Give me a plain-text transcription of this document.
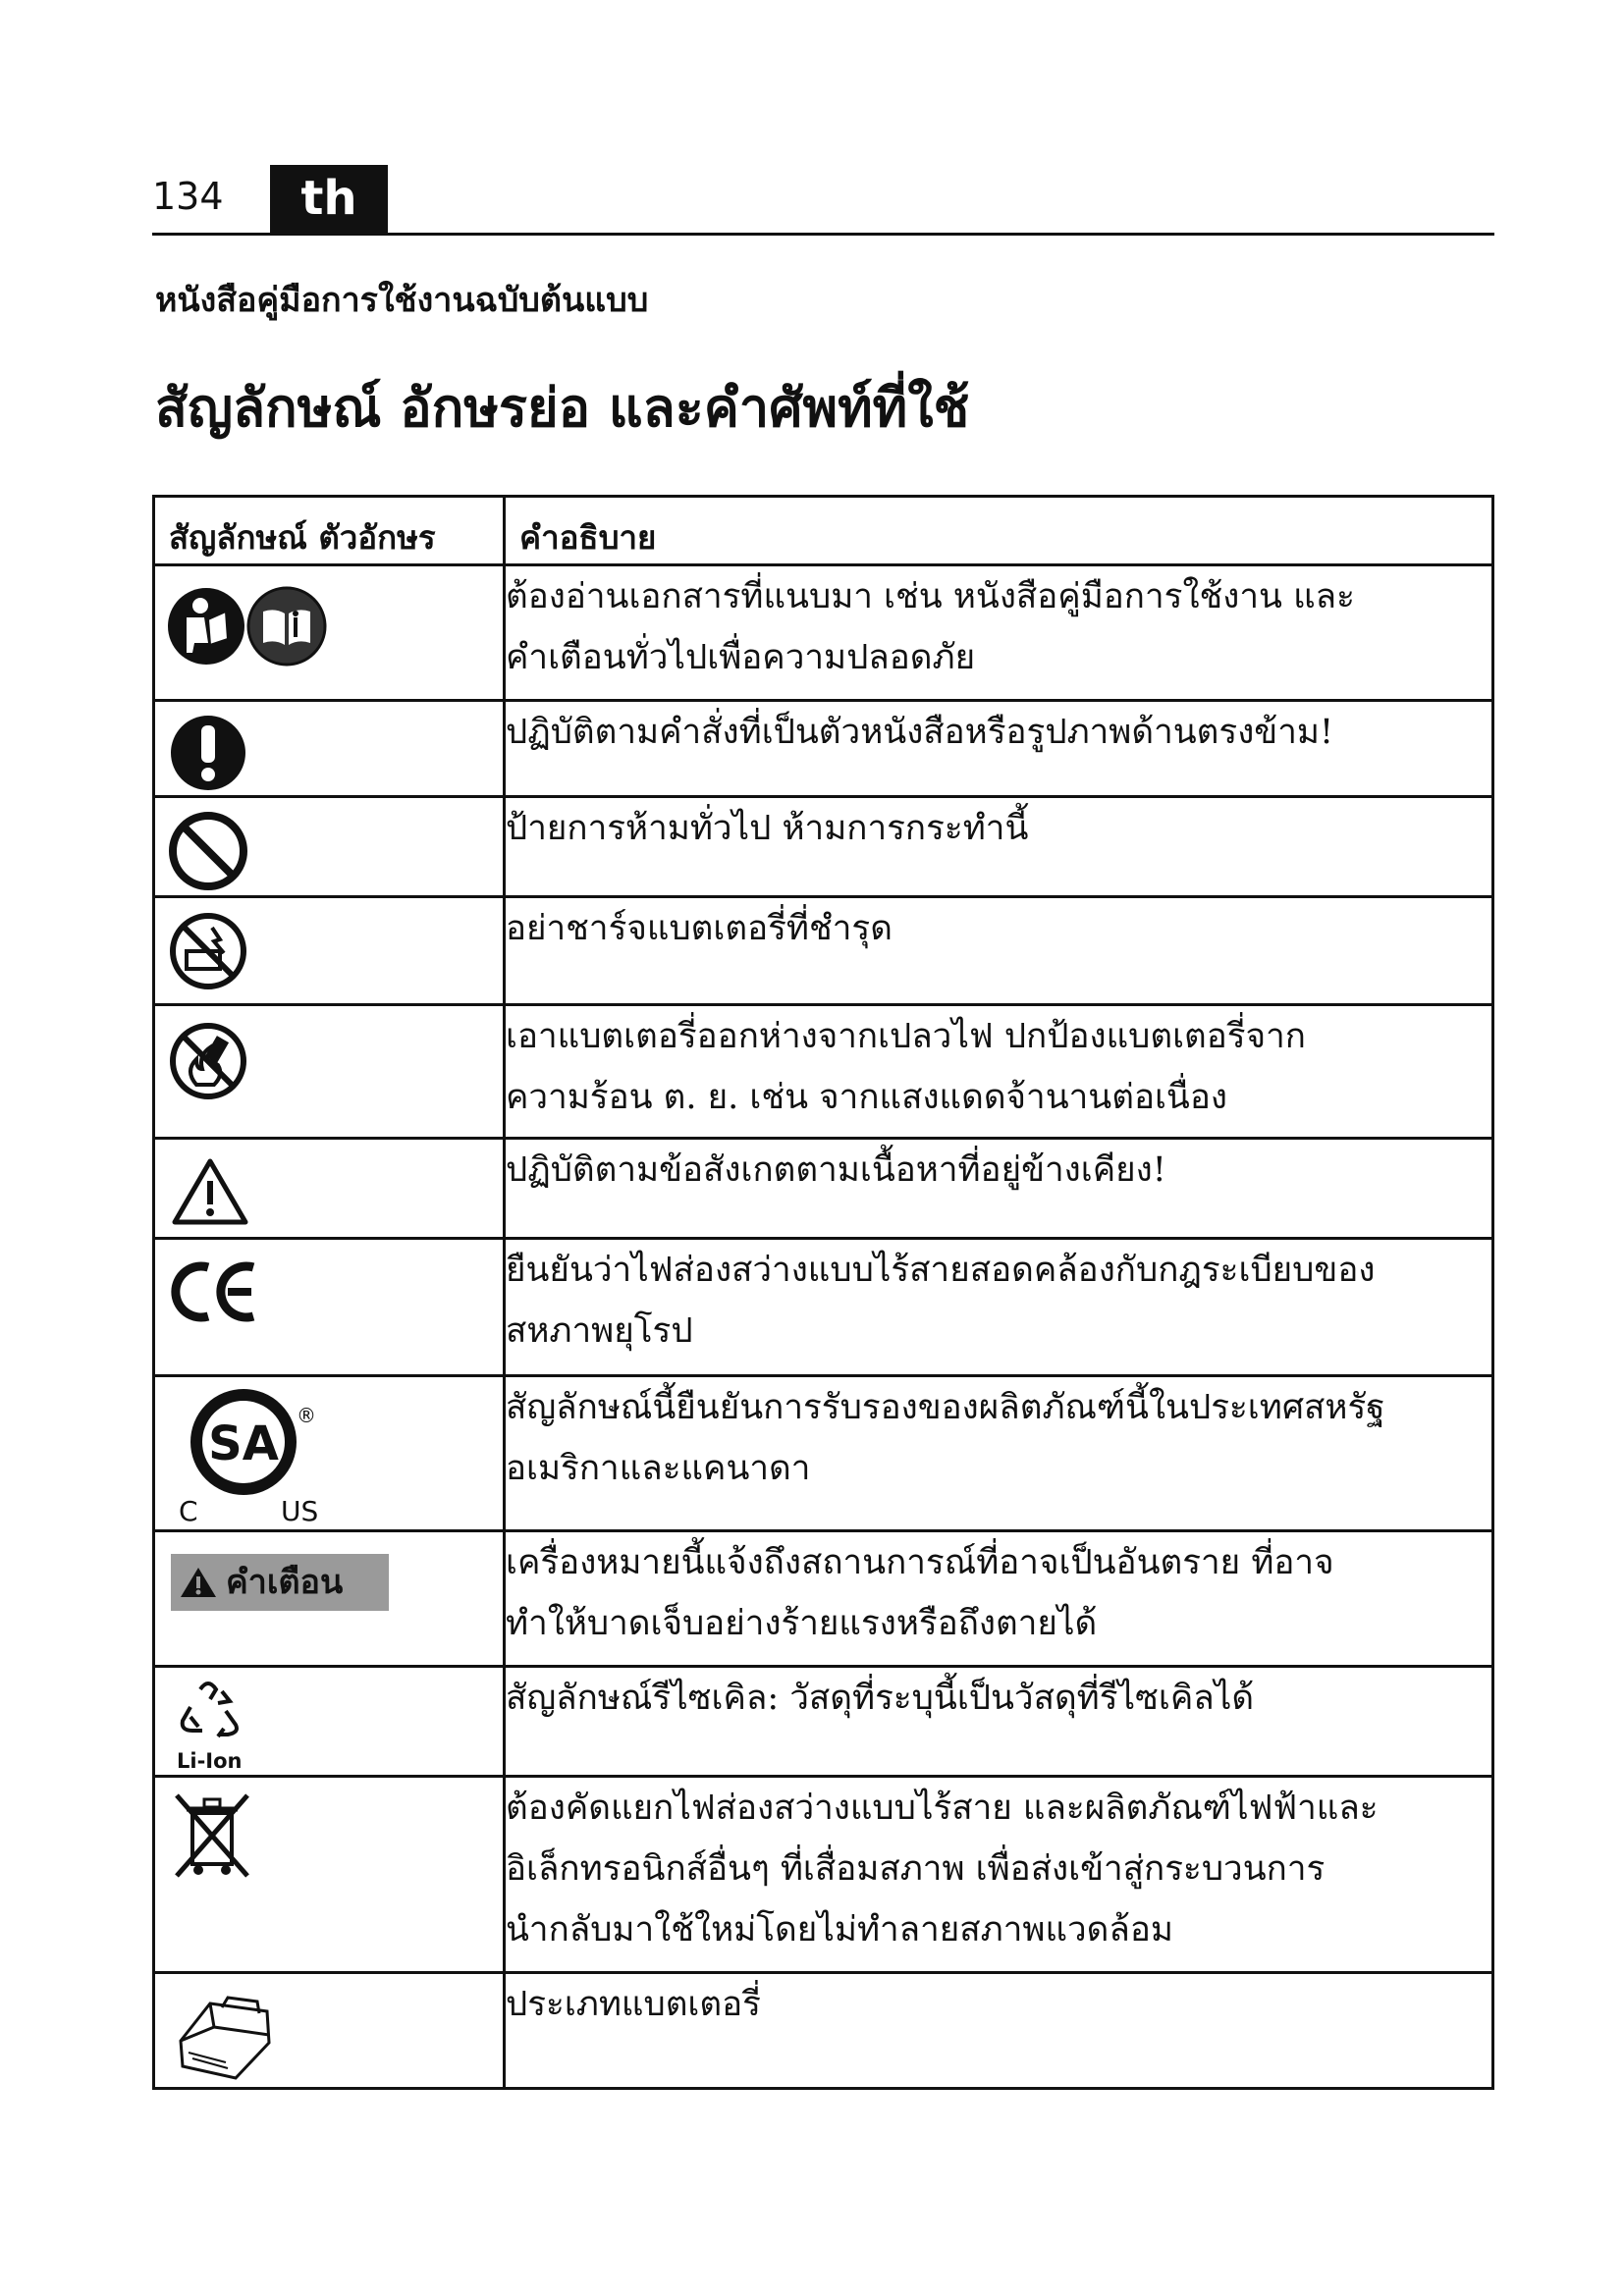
134	th
หนังสือคู่มือการใช้งานฉบับต้นแบบ
สัญลักษณ์ อักษรย่อ และคำศัพท์ที่ใช้
สัญลักษณ์ ตัวอักษร	คำอธิบาย

	ต้องอ่านเอกสารที่แนบมา เช่น หนังสือคู่มือการใช้งาน และ
คำเตือนทั่วไปเพื่อความปลอดภัย

	ปฏิบัติตามคำสั่งที่เป็นตัวหนังสือหรือรูปภาพด้านตรงข้าม!

	ป้ายการห้ามทั่วไป ห้ามการกระทำนี้

	อย่าชาร์จแบตเตอรี่ที่ชำรุด

	เอาแบตเตอรี่ออกห่างจากเปลวไฟ ปกป้องแบตเตอรี่จาก
ความร้อน ต. ย. เช่น จากแสงแดดจ้านานต่อเนื่อง

	ปฏิบัติตามข้อสังเกตตามเนื้อหาที่อยู่ข้างเคียง!

	ยืนยันว่าไฟส่องสว่างแบบไร้สายสอดคล้องกับกฎระเบียบของ
สหภาพยุโรป

SA
®
C US	สัญลักษณ์นี้ยืนยันการรับรองของผลิตภัณฑ์นี้ในประเทศสหรัฐ
อเมริกาและแคนาดา

คำเตือน	เครื่องหมายนี้แจ้งถึงสถานการณ์ที่อาจเป็นอันตราย ที่อาจ
ทำให้บาดเจ็บอย่างร้ายแรงหรือถึงตายได้

Li-Ion	สัญลักษณ์รีไซเคิล: วัสดุที่ระบุนี้เป็นวัสดุที่รีไซเคิลได้

	ต้องคัดแยกไฟส่องสว่างแบบไร้สาย และผลิตภัณฑ์ไฟฟ้าและ
อิเล็กทรอนิกส์อื่นๆ ที่เสื่อมสภาพ เพื่อส่งเข้าสู่กระบวนการ
นำกลับมาใช้ใหม่โดยไม่ทำลายสภาพแวดล้อม

	ประเภทแบตเตอรี่
